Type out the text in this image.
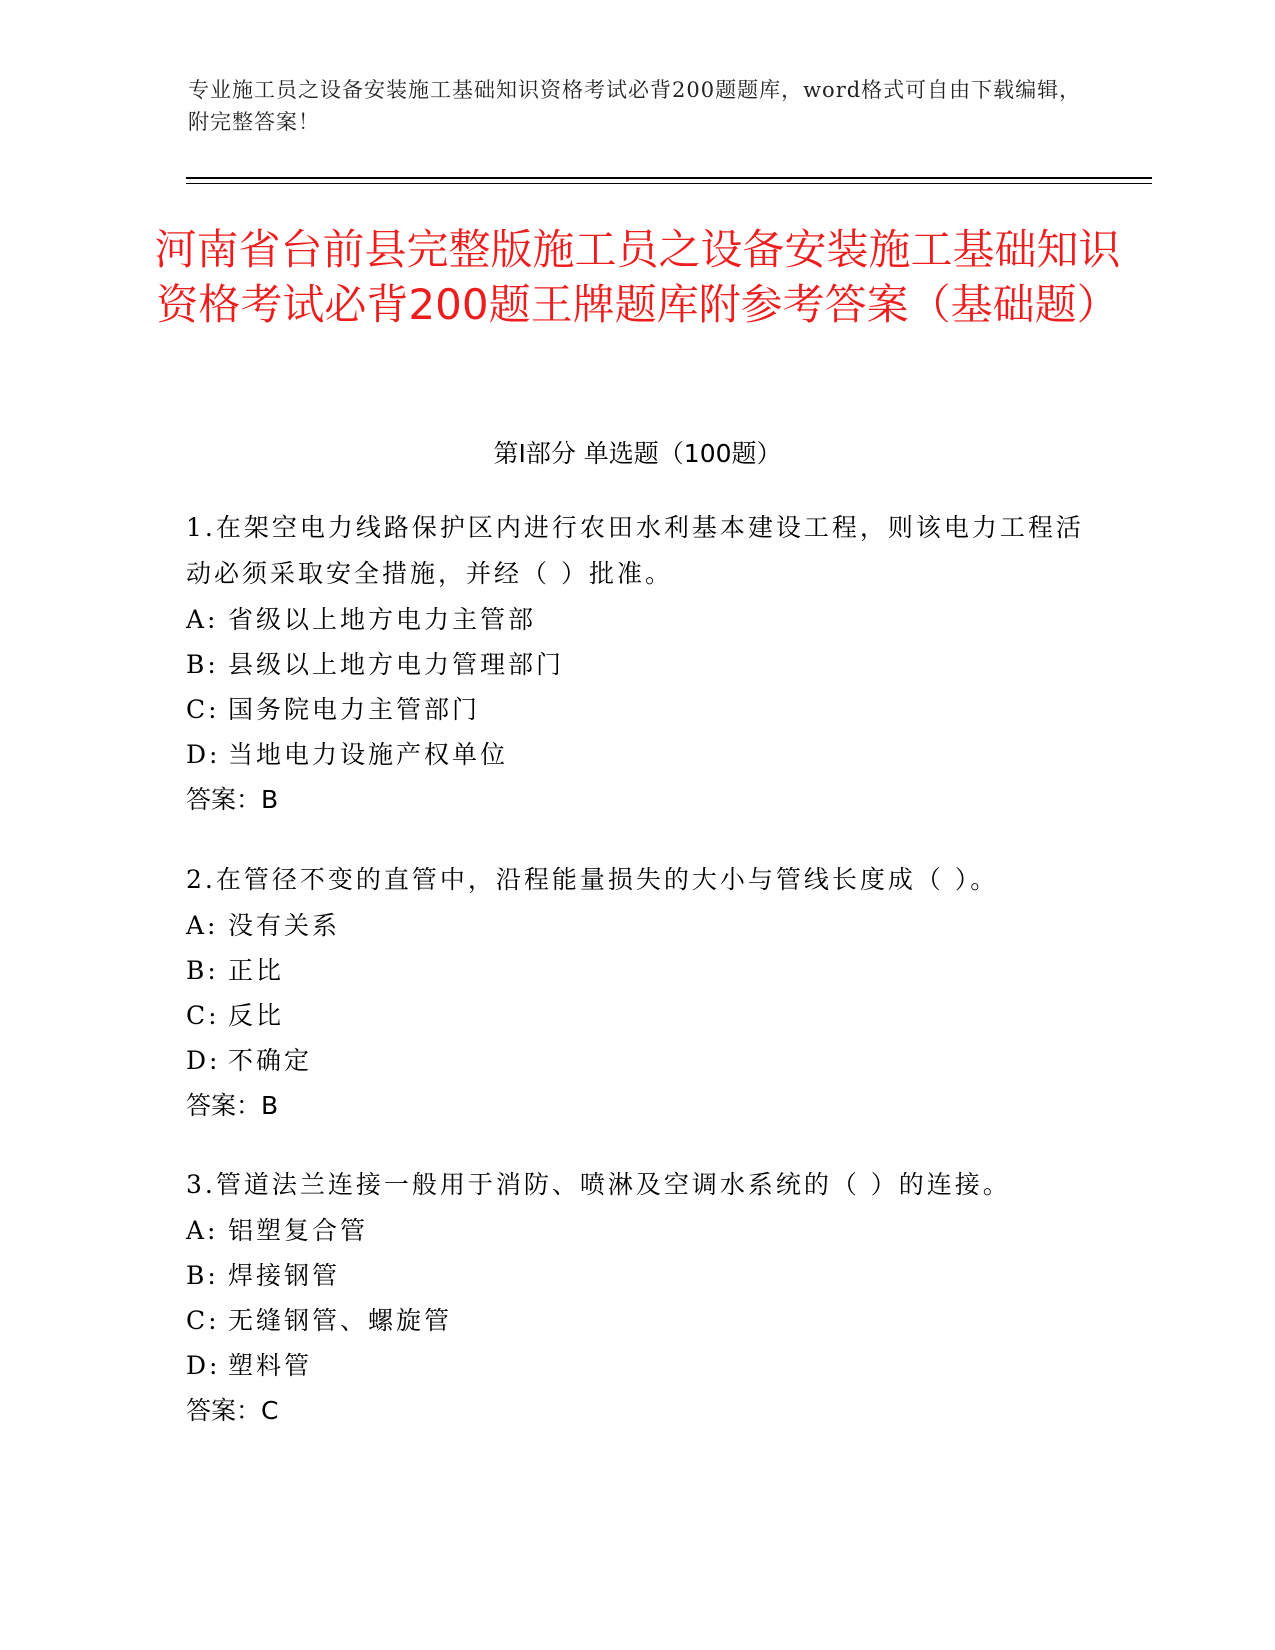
专业施工员之设备安装施工基础知识资格考试必背200题题库，word格式可自由下载编辑，附完整答案！
河南省台前县完整版施工员之设备安装施工基础知识资格考试必背200题王牌题库附参考答案（基础题）
第Ⅰ部分 单选题（100题）

1.在架空电力线路保护区内进行农田水利基本建设工程，则该电力工程活动必须采取安全措施，并经（ ）批准。

A: 省级以上地方电力主管部

B: 县级以上地方电力管理部门

C: 国务院电力主管部门

D: 当地电力设施产权单位

答案：B

2.在管径不变的直管中，沿程能量损失的大小与管线长度成（ ）。

A: 没有关系

B: 正比

C: 反比

D: 不确定

答案：B

3.管道法兰连接一般用于消防、喷淋及空调水系统的（ ）的连接。

A: 铝塑复合管

B: 焊接钢管

C: 无缝钢管、螺旋管

D: 塑料管

答案：C
